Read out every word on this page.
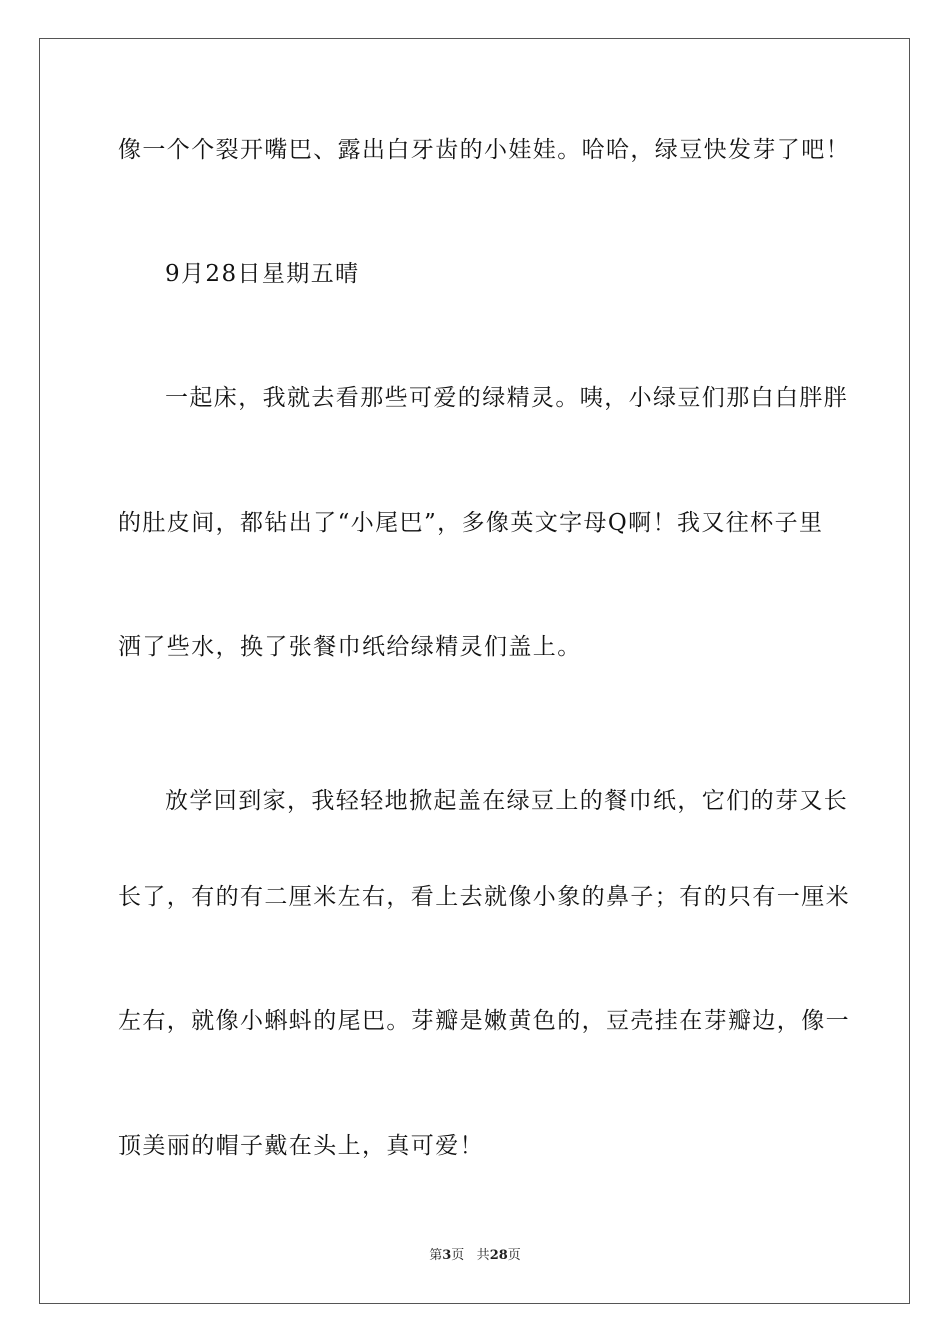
像一个个裂开嘴巴、露出白牙齿的小娃娃。哈哈，绿豆快发芽了吧！
9月28日星期五晴
一起床，我就去看那些可爱的绿精灵。咦，小绿豆们那白白胖胖
的肚皮间，都钻出了“小尾巴”，多像英文字母Q啊！我又往杯子里
洒了些水，换了张餐巾纸给绿精灵们盖上。
放学回到家，我轻轻地掀起盖在绿豆上的餐巾纸，它们的芽又长
长了，有的有二厘米左右，看上去就像小象的鼻子；有的只有一厘米
左右，就像小蝌蚪的尾巴。芽瓣是嫩黄色的，豆壳挂在芽瓣边，像一
顶美丽的帽子戴在头上，真可爱！
第3页 共28页
